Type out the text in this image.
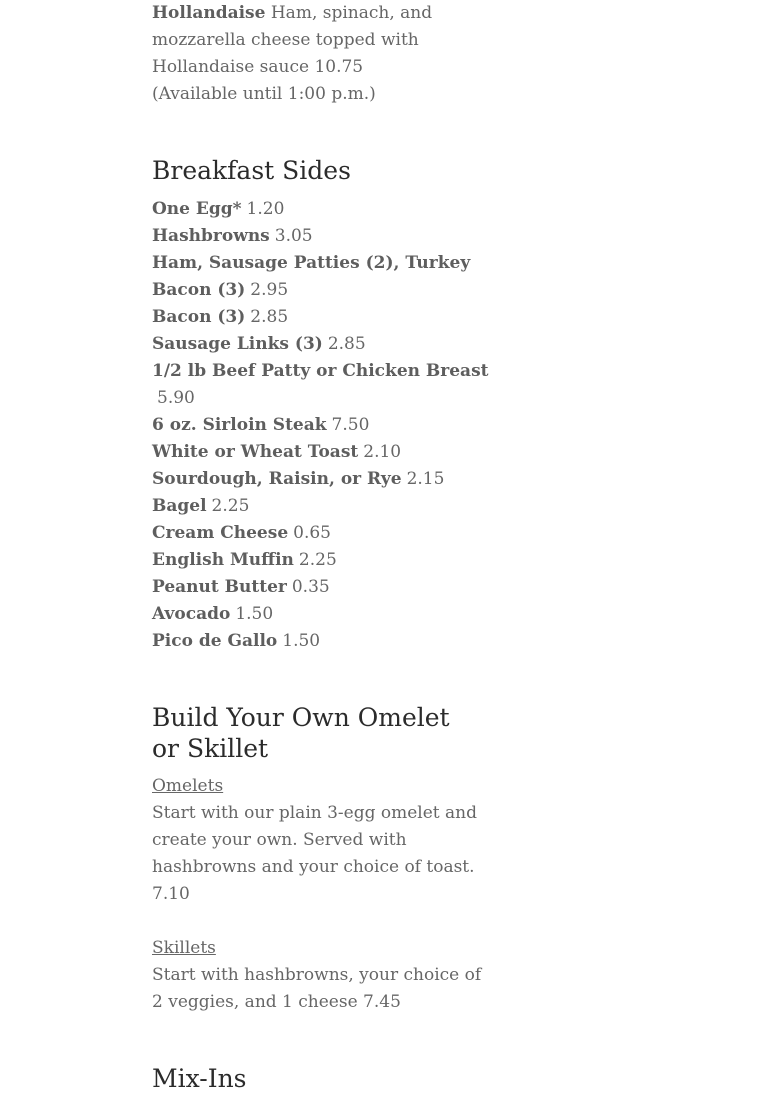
Hollandaise Ham, spinach, and

mozzarella cheese topped with

Hollandaise sauce 10.75

(Available until 1:00 p.m.)

Breakfast Sides

One Egg* 1.20

Hashbrowns 3.05

Ham, Sausage Patties (2), Turkey

Bacon (3) 2.95

Bacon (3) 2.85

Sausage Links (3) 2.85

1/2 lb Beef Patty or Chicken Breast

5.90

6 oz. Sirloin Steak 7.50

White or Wheat Toast 2.10

Sourdough, Raisin, or Rye 2.15

Bagel 2.25

Cream Cheese 0.65

English Muffin 2.25

Peanut Butter 0.35

Avocado 1.50

Pico de Gallo 1.50

Build Your Own Omelet
or Skillet

Omelets

Start with our plain 3-egg omelet and

create your own. Served with

hashbrowns and your choice of toast.

7.10

Skillets

Start with hashbrowns, your choice of

2 veggies, and 1 cheese 7.45

Mix-Ins
